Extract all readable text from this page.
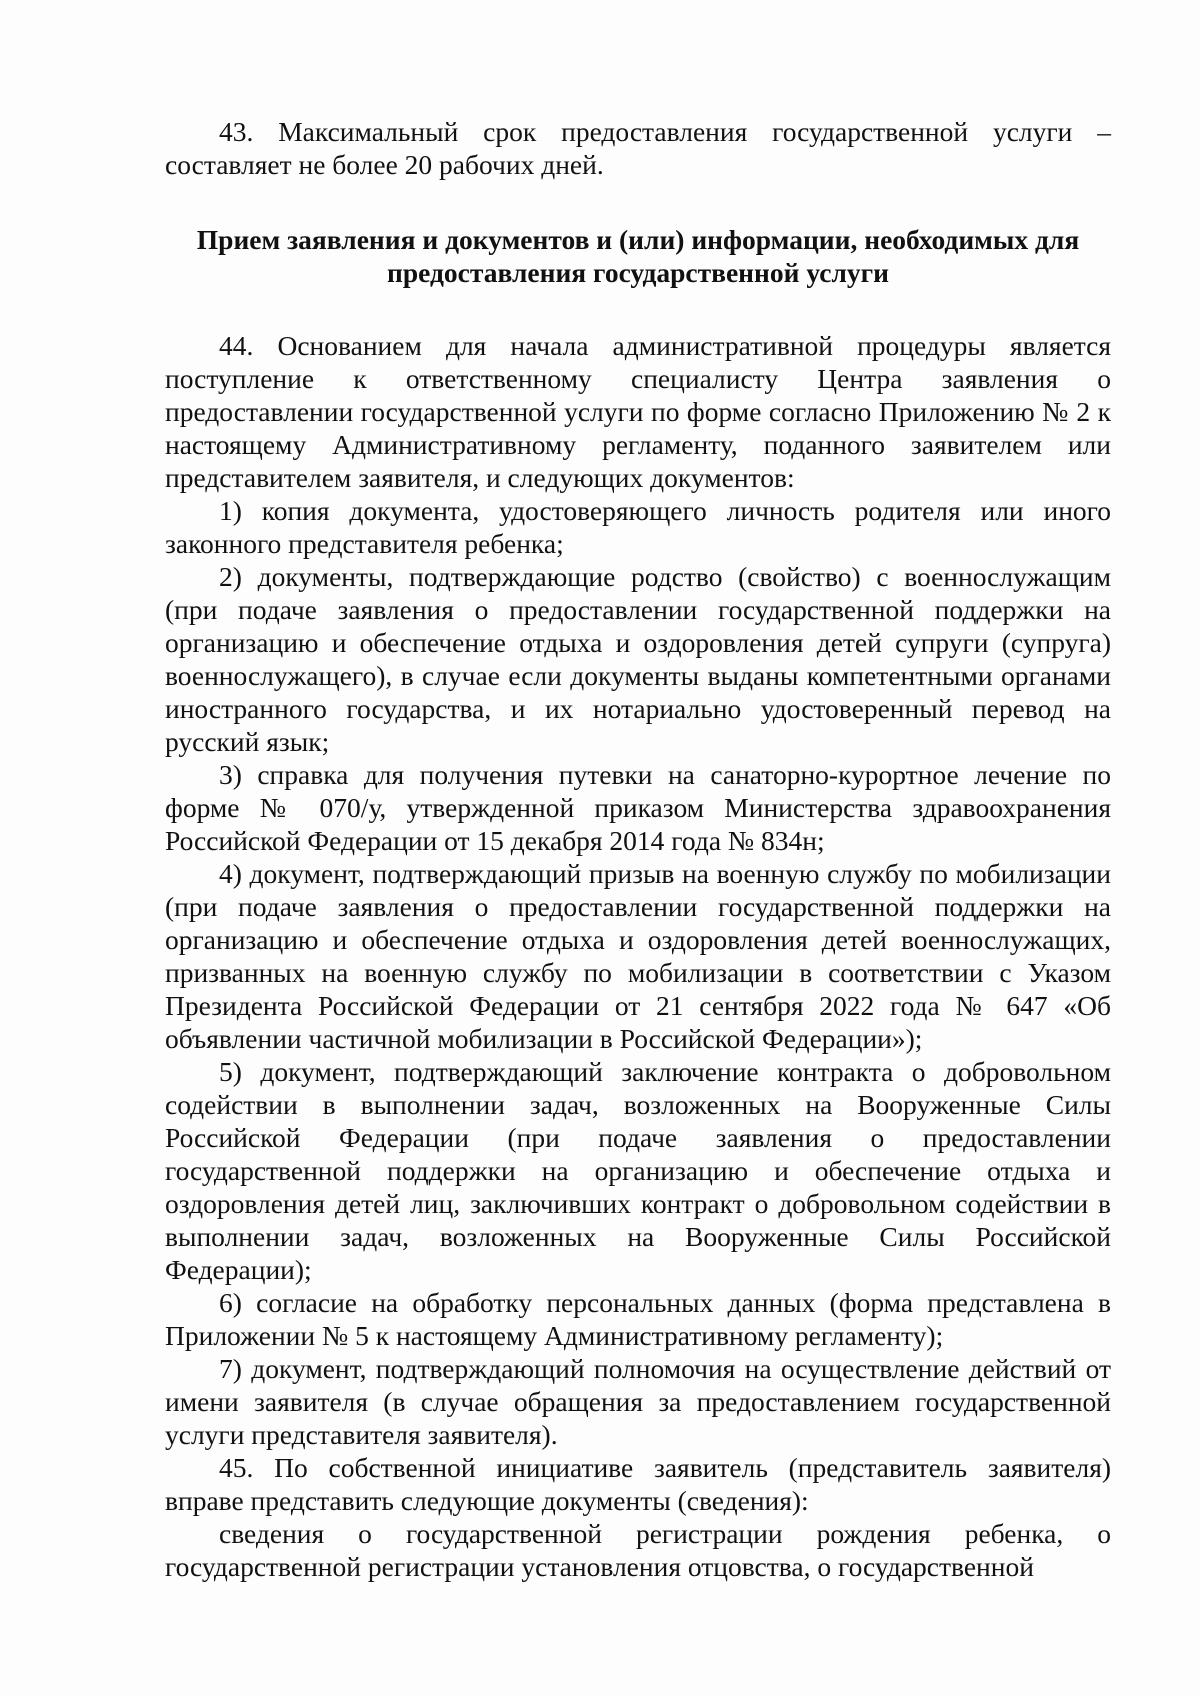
43. Максимальный срок предоставления государственной услуги – составляет не более 20 рабочих дней.

Прием заявления и документов и (или) информации, необходимых для предоставления государственной услуги

44. Основанием для начала административной процедуры является поступление к ответственному специалисту Центра заявления о предоставлении государственной услуги по форме согласно Приложению № 2 к настоящему Административному регламенту, поданного заявителем или представителем заявителя, и следующих документов:

1) копия документа, удостоверяющего личность родителя или иного законного представителя ребенка;

2) документы, подтверждающие родство (свойство) с военнослужащим (при подаче заявления о предоставлении государственной поддержки на организацию и обеспечение отдыха и оздоровления детей супруги (супруга) военнослужащего), в случае если документы выданы компетентными органами иностранного государства, и их нотариально удостоверенный перевод на русский язык;

3) справка для получения путевки на санаторно-курортное лечение по форме № 070/у, утвержденной приказом Министерства здравоохранения Российской Федерации от 15 декабря 2014 года № 834н;

4) документ, подтверждающий призыв на военную службу по мобилизации (при подаче заявления о предоставлении государственной поддержки на организацию и обеспечение отдыха и оздоровления детей военнослужащих, призванных на военную службу по мобилизации в соответствии с Указом Президента Российской Федерации от 21 сентября 2022 года № 647 «Об объявлении частичной мобилизации в Российской Федерации»);

5) документ, подтверждающий заключение контракта о добровольном содействии в выполнении задач, возложенных на Вооруженные Силы Российской Федерации (при подаче заявления о предоставлении государственной поддержки на организацию и обеспечение отдыха и оздоровления детей лиц, заключивших контракт о добровольном содействии в выполнении задач, возложенных на Вооруженные Силы Российской Федерации);

6) согласие на обработку персональных данных (форма представлена в Приложении № 5 к настоящему Административному регламенту);

7) документ, подтверждающий полномочия на осуществление действий от имени заявителя (в случае обращения за предоставлением государственной услуги представителя заявителя).

45. По собственной инициативе заявитель (представитель заявителя) вправе представить следующие документы (сведения):

сведения о государственной регистрации рождения ребенка, о государственной регистрации установления отцовства, о государственной
